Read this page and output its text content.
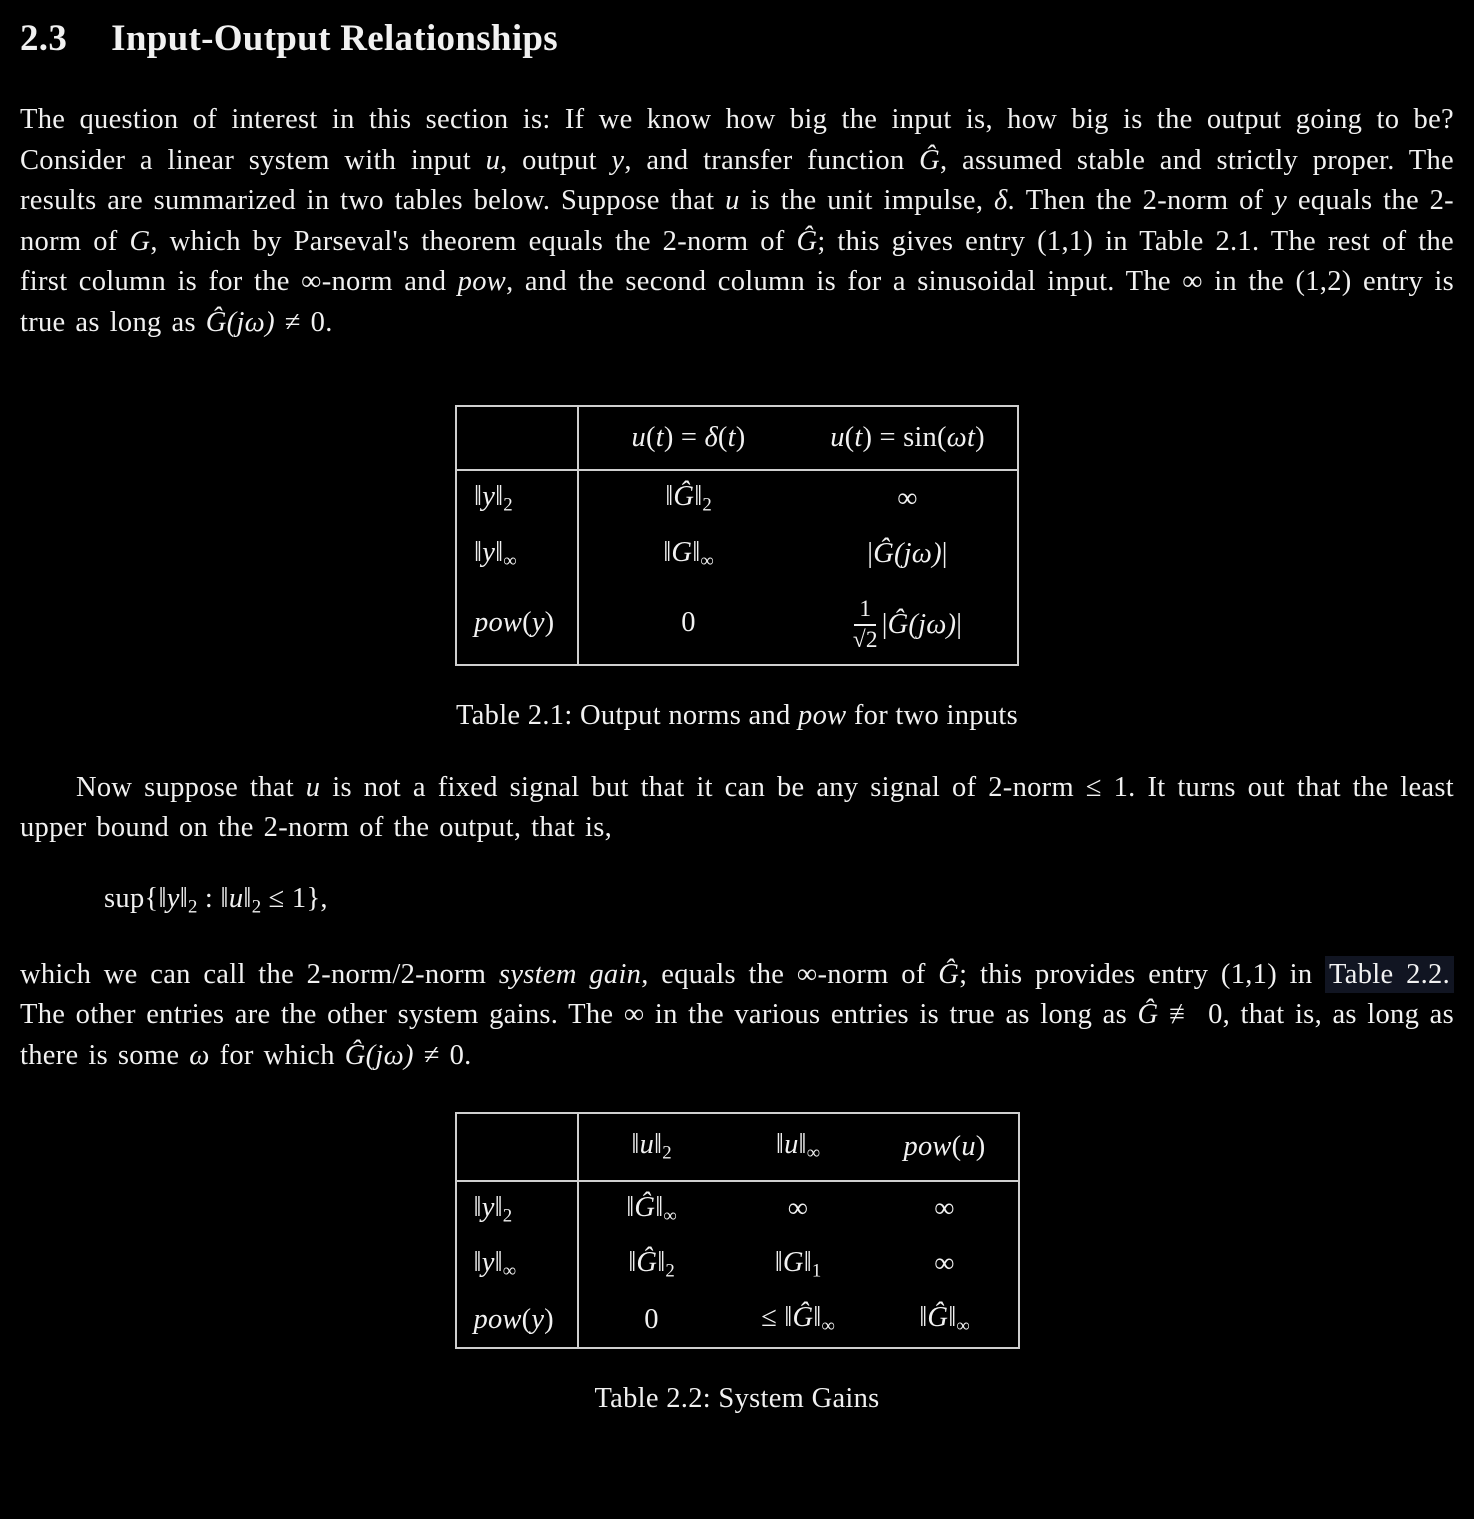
2.3 Input-Output Relationships

The question of interest in this section is: If we know how big the input is, how big is the output going to be? Consider a linear system with input u, output y, and transfer function Ĝ, assumed stable and strictly proper. The results are summarized in two tables below. Suppose that u is the unit impulse, δ. Then the 2-norm of y equals the 2-norm of G, which by Parseval's theorem equals the 2-norm of Ĝ; this gives entry (1,1) in Table 2.1. The rest of the first column is for the ∞-norm and pow, and the second column is for a sinusoidal input. The ∞ in the (1,2) entry is true as long as Ĝ(jω) ≠ 0.

	u(t) = δ(t)	u(t) = sin(ωt)
‖y‖2	‖Ĝ‖2	∞
‖y‖∞	‖G‖∞	|Ĝ(jω)|
pow(y)	0	$\frac{1}{√2}$ |Ĝ(jω)|
Table 2.1: Output norms and pow for two inputs

Now suppose that u is not a fixed signal but that it can be any signal of 2-norm ≤ 1. It turns out that the least upper bound on the 2-norm of the output, that is,

sup{‖y‖2 : ‖u‖2 ≤ 1},

which we can call the 2-norm/2-norm system gain, equals the ∞-norm of Ĝ; this provides entry (1,1) in Table 2.2. The other entries are the other system gains. The ∞ in the various entries is true as long as Ĝ ≢ 0, that is, as long as there is some ω for which Ĝ(jω) ≠ 0.

	‖u‖2	‖u‖∞	pow(u)
‖y‖2	‖Ĝ‖∞	∞	∞
‖y‖∞	‖Ĝ‖2	‖G‖1	∞
pow(y)	0	≤ ‖Ĝ‖∞	‖Ĝ‖∞
Table 2.2: System Gains
